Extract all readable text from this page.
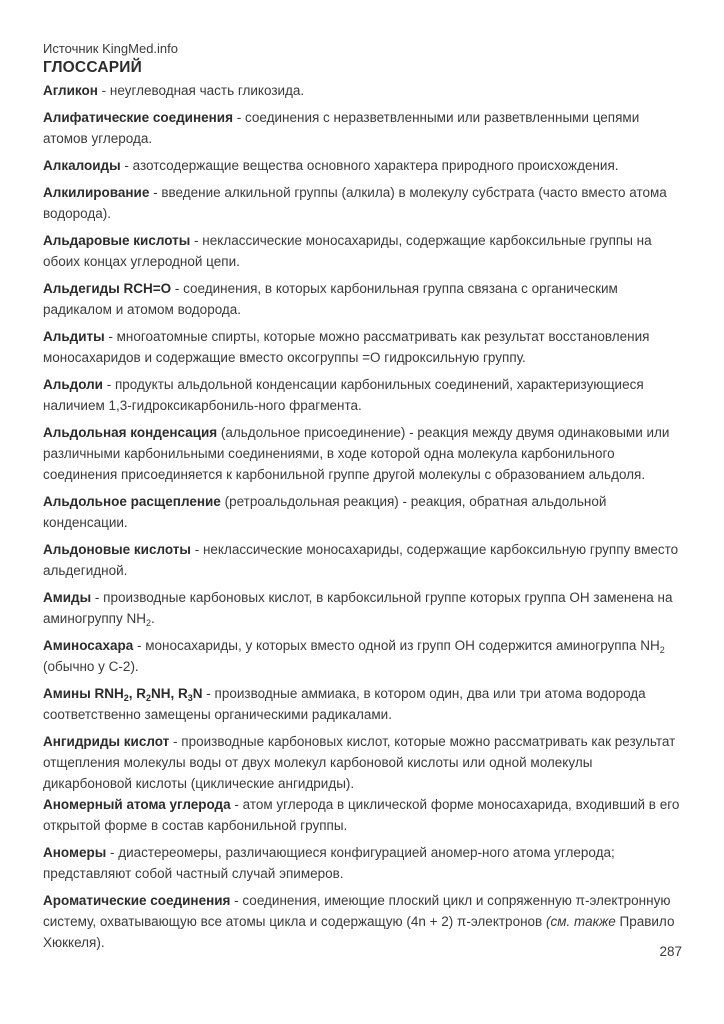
Источник KingMed.info

ГЛОССАРИЙ

Агликон - неуглеводная часть гликозида.

Алифатические соединения - соединения с неразветвленными или разветвленными цепями атомов углерода.

Алкалоиды - азотсодержащие вещества основного характера природного происхождения.

Алкилирование - введение алкильной группы (алкила) в молекулу субстрата (часто вместо атома водорода).

Альдаровые кислоты - неклассические моносахариды, содержащие карбоксильные группы на обоих концах углеродной цепи.

Альдегиды RCH=O - соединения, в которых карбонильная группа связана с органическим радикалом и атомом водорода.

Альдиты - многоатомные спирты, которые можно рассматривать как результат восстановления моносахаридов и содержащие вместо оксогруппы =O гидроксильную группу.

Альдоли - продукты альдольной конденсации карбонильных соединений, характеризующиеся наличием 1,3-гидроксикарбониль-ного фрагмента.

Альдольная конденсация (альдольное присоединение) - реакция между двумя одинаковыми или различными карбонильными соединениями, в ходе которой одна молекула карбонильного соединения присоединяется к карбонильной группе другой молекулы с образованием альдоля.

Альдольное расщепление (ретроальдольная реакция) - реакция, обратная альдольной конденсации.

Альдоновые кислоты - неклассические моносахариды, содержащие карбоксильную группу вместо альдегидной.

Амиды - производные карбоновых кислот, в карбоксильной группе которых группа OH заменена на аминогруппу $NH_2$.

Аминосахара - моносахариды, у которых вместо одной из групп OH содержится аминогруппа $NH_2$ (обычно у С-2).

Амины $RNH_2$, $R_2NH$, $R_3N$ - производные аммиака, в котором один, два или три атома водорода соответственно замещены органическими радикалами.

Ангидриды кислот - производные карбоновых кислот, которые можно рассматривать как результат отщепления молекулы воды от двух молекул карбоновой кислоты или одной молекулы дикарбоновой кислоты (циклические ангидриды).

Аномерный атома углерода - атом углерода в циклической форме моносахарида, входивший в его открытой форме в состав карбонильной группы.

Аномеры - диастереомеры, различающиеся конфигурацией аномер-ного атома углерода; представляют собой частный случай эпимеров.

Ароматические соединения - соединения, имеющие плоский цикл и сопряженную π-электронную систему, охватывающую все атомы цикла и содержащую (4n + 2) π-электронов (см. также Правило Хюккеля).

287
